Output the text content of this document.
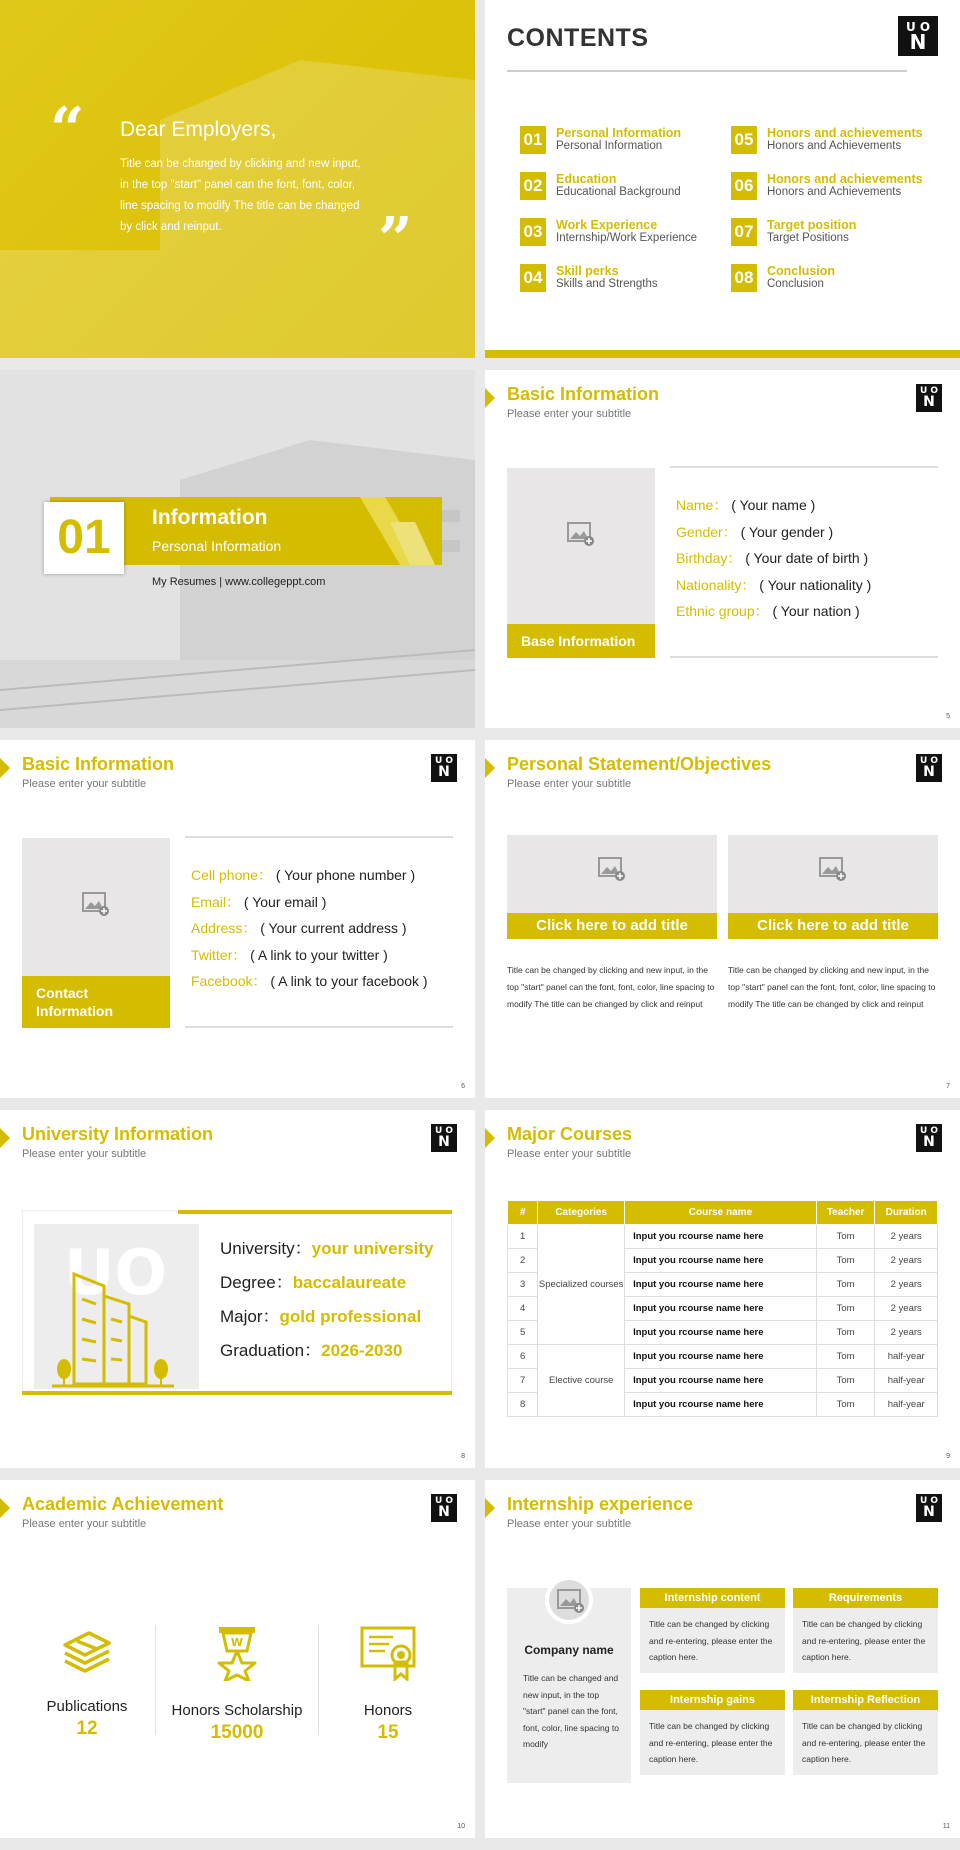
“ Dear Employers,

Title can be changed by clicking and new input, in the top "start" panel can the font, font, color, line spacing to modify The title can be changed by click and reinput.	”
CONTENTS	U O
N
01 Personal Information
Personal Information
02 Education
Educational Background
03 Work Experience
Internship/Work Experience
04 Skill perks
Skills and Strengths
05 Honors and achievements
Honors and Achievements
06 Honors and achievements
Honors and Achievements
07 Target position
Target Positions
08 Conclusion
Conclusion
01	Information
Personal Information
My Resumes | www.collegeppt.com
Basic Information
Please enter your subtitle
U O
N
Base Information
Name： ( Your name )
Gender： ( Your gender )
Birthday： ( Your date of birth )
Nationality： ( Your nationality )
Ethnic group： ( Your nation )
5
Basic Information
Please enter your subtitle
U O
N
Contact Information
Cell phone： ( Your phone number )
Email： ( Your email )
Address： ( Your current address )
Twitter： ( A link to your twitter )
Facebook： ( A link to your facebook )
6
Personal Statement/Objectives
Please enter your subtitle
U O
N
Click here to add title
Title can be changed by clicking and new input, in the top "start" panel can the font, font, color, line spacing to modify The title can be changed by click and reinput
Click here to add title
Title can be changed by clicking and new input, in the top "start" panel can the font, font, color, line spacing to modify The title can be changed by click and reinput
7
University Information
Please enter your subtitle
U O
N
UO	University：your university
Degree：baccalaureate
Major：gold professional
Graduation：2026-2030
8
Major Courses
Please enter your subtitle
U O
N
#	Categories	Course name	Teacher	Duration
1	Specialized courses	Input you rcourse name here	Tom	2 years
2		Input you rcourse name here	Tom	2 years
3		Input you rcourse name here	Tom	2 years
4		Input you rcourse name here	Tom	2 years
5		Input you rcourse name here	Tom	2 years
6	Elective course	Input you rcourse name here	Tom	half-year
7		Input you rcourse name here	Tom	half-year
8		Input you rcourse name here	Tom	half-year
9
Academic Achievement
Please enter your subtitle
U O
N
Publications
12
W
Honors Scholarship
15000
Honors
15
10
Internship experience
Please enter your subtitle
U O
N
Company name
Title can be changed and new input, in the top "start" panel can the font, font, color, line spacing to modify
Internship content
Title can be changed by clicking and re-entering, please enter the caption here.
Requirements
Title can be changed by clicking and re-entering, please enter the caption here.
Internship gains
Title can be changed by clicking and re-entering, please enter the caption here.
Internship Reflection
Title can be changed by clicking and re-entering, please enter the caption here.
11
